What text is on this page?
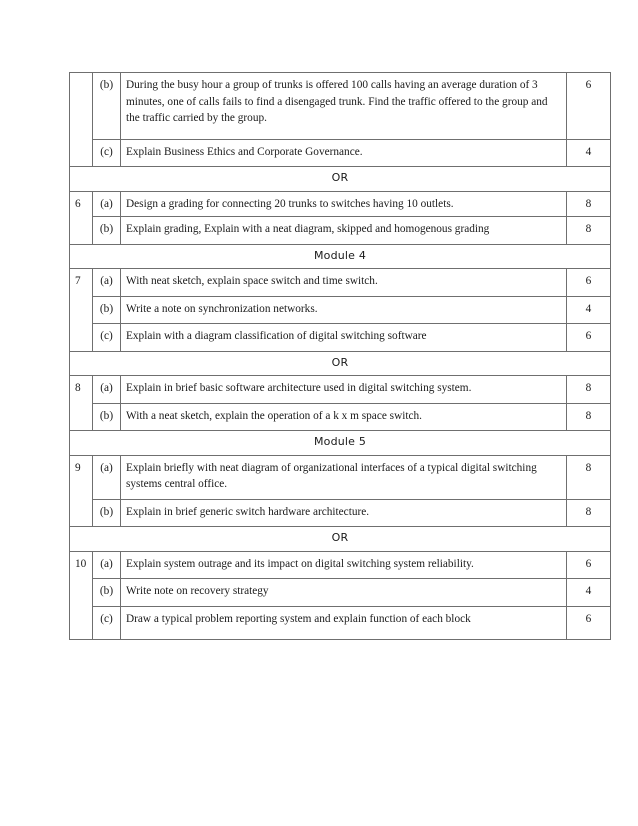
	(b)	During the busy hour a group of trunks is offered 100 calls having an average duration of 3 minutes, one of calls fails to find a disengaged trunk. Find the traffic offered to the group and the traffic carried by the group.	6
	(c)	Explain Business Ethics and Corporate Governance.	4
OR			
6	(a)	Design a grading for connecting 20 trunks to switches having 10 outlets.	8
	(b)	Explain grading, Explain with a neat diagram, skipped and homogenous grading	8
Module 4			
7	(a)	With neat sketch, explain space switch and time switch.	6
	(b)	Write a note on synchronization networks.	4
	(c)	Explain with a diagram classification of digital switching software	6
OR			
8	(a)	Explain in brief basic software architecture used in digital switching system.	8
	(b)	With a neat sketch, explain the operation of a k x m space switch.	8
Module 5			
9	(a)	Explain briefly with neat diagram of organizational interfaces of a typical digital switching systems central office.	8
	(b)	Explain in brief generic switch hardware architecture.	8
OR			
10	(a)	Explain system outrage and its impact on digital switching system reliability.	6
	(b)	Write note on recovery strategy	4
	(c)	Draw a typical problem reporting system and explain function of each block	6
